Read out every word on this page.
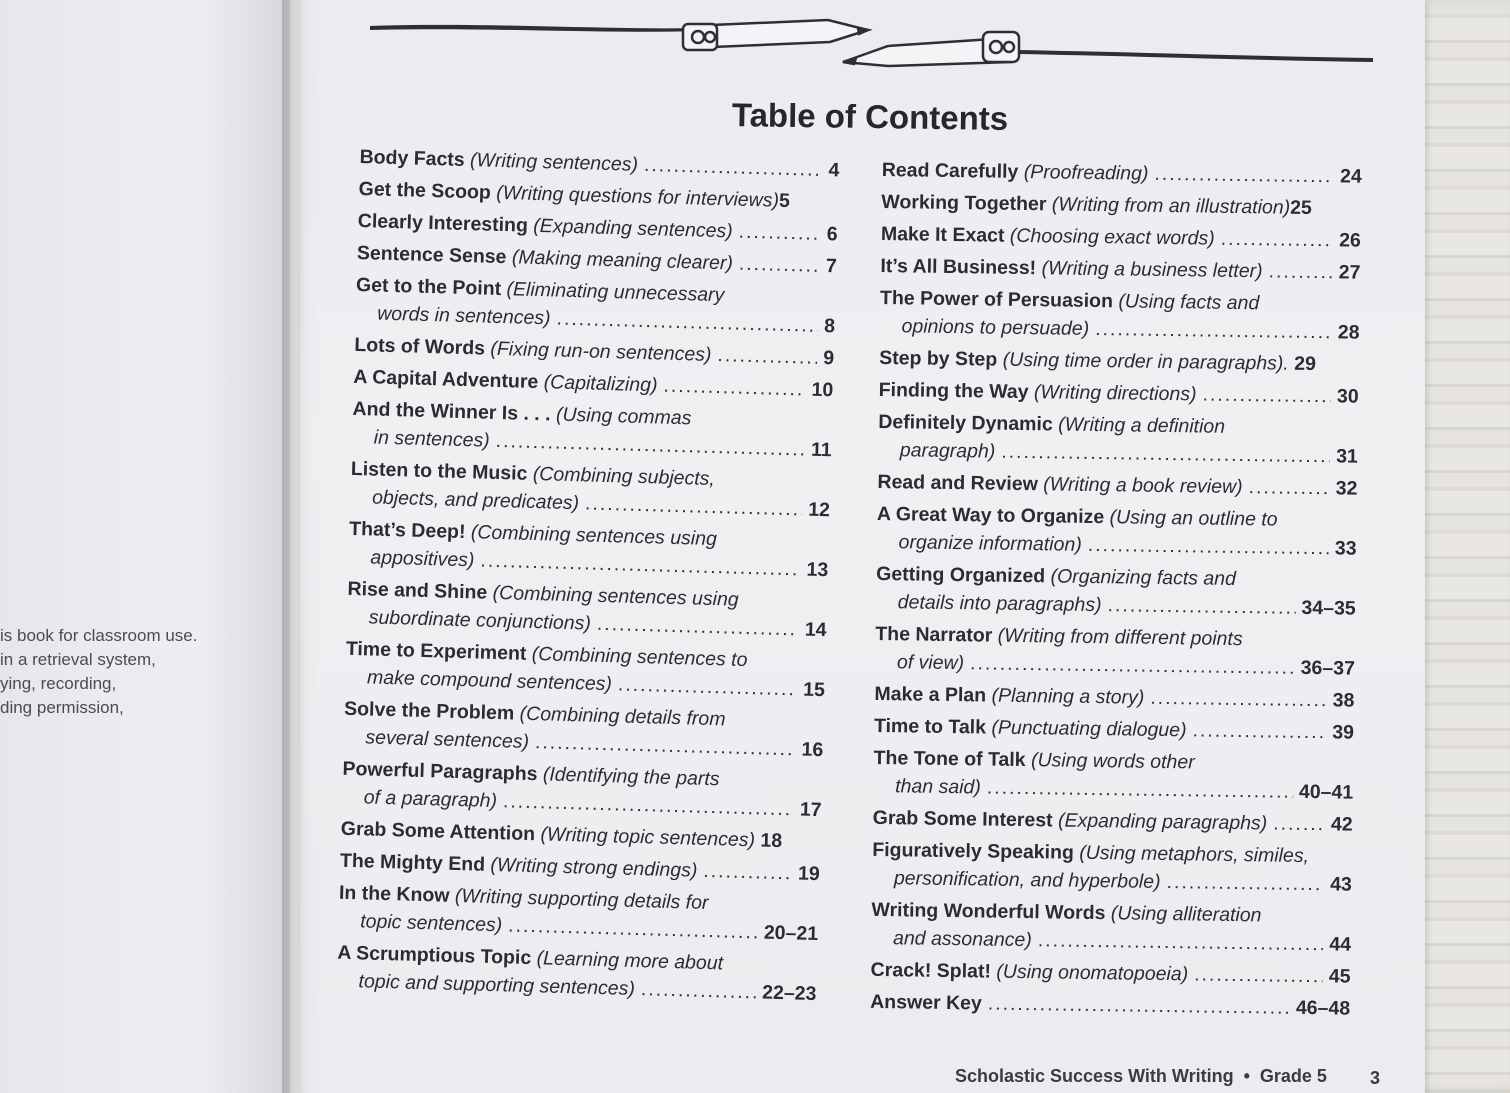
is book for classroom use.
in a retrieval system,
ying, recording,
ding permission,
Table of Contents
Body Facts
(Writing sentences) .....	4
Get the Scoop
(Writing questions for interviews) 5
Clearly Interesting
(Expanding sentences) .....	6
Sentence Sense
(Making meaning clearer) .....	7
Get to the Point (Eliminating unnecessary
words in sentences) .....	8
Lots of Words
(Fixing run-on sentences) .....	9
A Capital Adventure
(Capitalizing) .....	10
And the Winner Is . . . (Using commas
in sentences) .....	11
Listen to the Music (Combining subjects,
objects, and predicates) .....	12
That’s Deep! (Combining sentences using
appositives) .....	13
Rise and Shine (Combining sentences using
subordinate conjunctions) .....	14
Time to Experiment (Combining sentences to
make compound sentences) .....	15
Solve the Problem (Combining details from
several sentences) .....	16
Powerful Paragraphs (Identifying the parts
of a paragraph) .....	17
Grab Some Attention
(Writing topic sentences)
18
The Mighty End
(Writing strong endings) .....	19
In the Know (Writing supporting details for
topic sentences) .....	20–21
A Scrumptious Topic (Learning more about
topic and supporting sentences) .....	22–23
Read Carefully
(Proofreading) .....	24
Working Together
(Writing from an illustration) 25
Make It Exact
(Choosing exact words) .....	26
It’s All Business!
(Writing a business letter) .....	27
The Power of Persuasion (Using facts and
opinions to persuade) .....	28
Step by Step
(Using time order in paragraphs).
29
Finding the Way
(Writing directions) .....	30
Definitely Dynamic (Writing a definition
paragraph) .....	31
Read and Review
(Writing a book review) .....	32
A Great Way to Organize (Using an outline to
organize information) .....	33
Getting Organized (Organizing facts and
details into paragraphs) .....	34–35
The Narrator (Writing from different points
of view) .....	36–37
Make a Plan
(Planning a story) .....	38
Time to Talk
(Punctuating dialogue) .....	39
The Tone of Talk (Using words other
than said) .....	40–41
Grab Some Interest
(Expanding paragraphs) .....	42
Figuratively Speaking (Using metaphors, similes,
personification, and hyperbole) .....	43
Writing Wonderful Words (Using alliteration
and assonance) .....	44
Crack! Splat!
(Using onomatopoeia) .....	45
Answer Key .....	46–48
Scholastic Success With Writing • Grade 5 3
